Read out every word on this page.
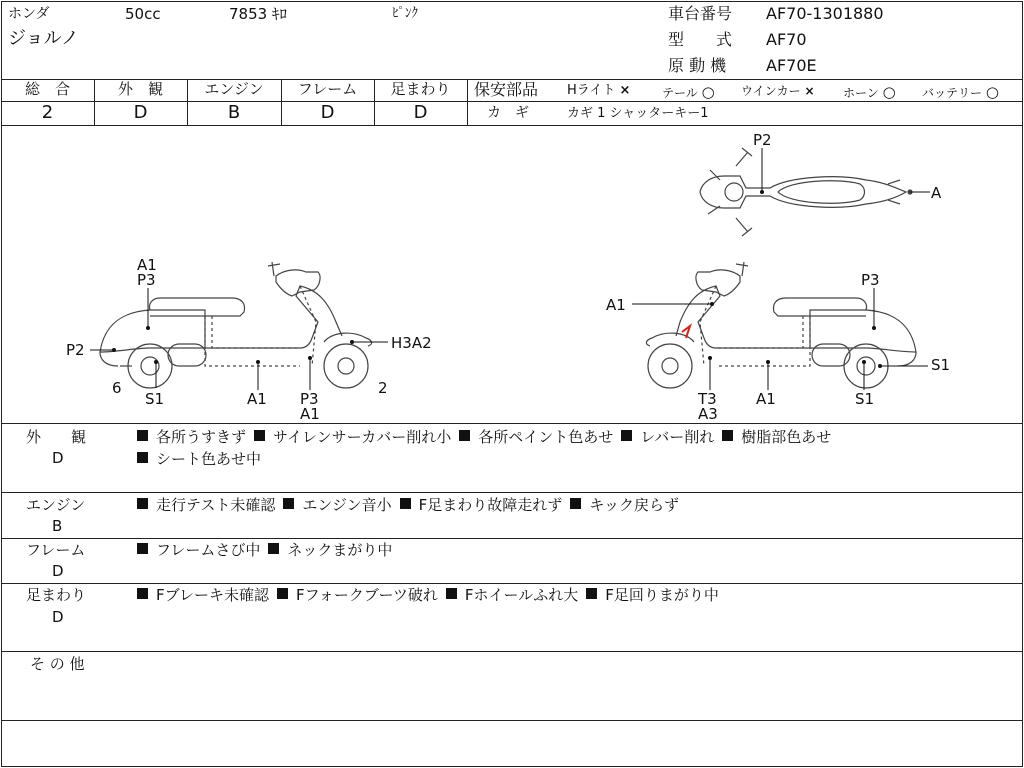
ホンダ	50cc	7853 ｷﾛ	ﾋﾟﾝｸ
ジョルノ
車台番号 AF70-1301880
型　　式 AF70
原 動 機 AF70E
総　合	外　観	エンジン	フレーム	足まわり
2	D	B	D	D
保安部品 Hライト ×	テール ○ ウインカー × ホーン ○ バッテリー ○
カ　ギ	カギ 1 シャッターキー1
A1
P3
P2
6
S1	A1 P3
A1
H3A2
2
P2
A
A1
P3
S1
T3
A3
A1	S1
外　　観
D
各所うすきず サイレンサーカバー削れ小 各所ペイント色あせ レバー削れ 樹脂部色あせ
シート色あせ中
エンジン
B
走行テスト未確認 エンジン音小 F足まわり故障走れず キック戻らず
フレーム
D
フレームさび中 ネックまがり中
足まわり
D
Fブレーキ未確認 Fフォークブーツ破れ Fホイールふれ大 F足回りまがり中
そ の 他
